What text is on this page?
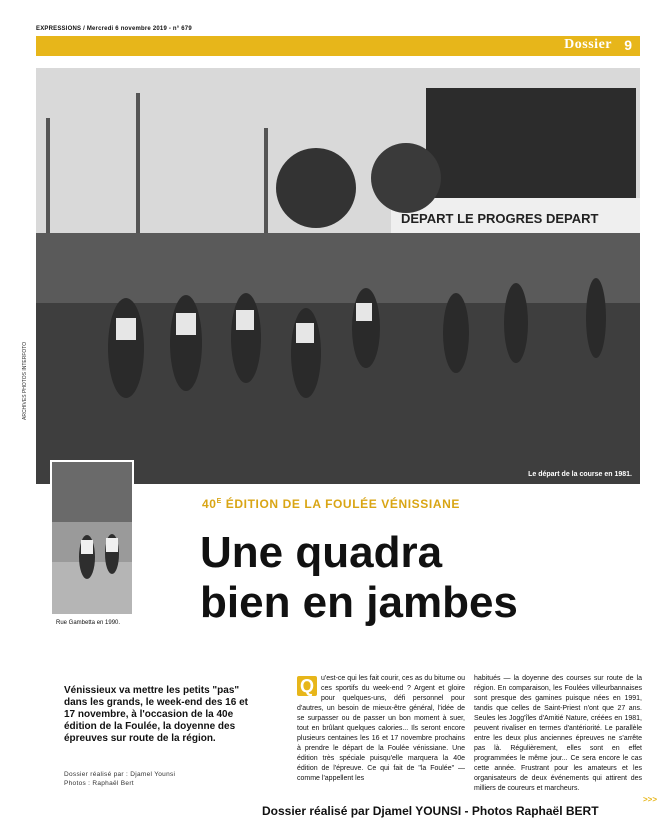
EXPRESSIONS / Mercredi 6 novembre 2019 - n° 679
Dossier 9
DEPART LE PROGRES DEPART
Le départ de la course en 1981.
ARCHIVES PHOTOS INTERFOTO
Rue Gambetta en 1990.
$40^E$ ÉDITION DE LA FOULÉE VÉNISSIANE
Une quadra
bien en jambes
Vénissieux va mettre les petits "pas" dans les grands, le week-end des 16 et 17 novembre, à l'occasion de la 40e édition de la Foulée, la doyenne des épreuves sur route de la région.
Dossier réalisé par : Djamel Younsi
Photos : Raphaël Bert
Q	u'est-ce qui les fait courir, ces as du bitume ou ces sportifs du week-end ? Argent et gloire pour quelques-uns, défi personnel pour d'autres, un besoin de mieux-être général, l'idée de se surpasser ou de passer un bon moment à suer, tout en brûlant quelques calories... Ils seront encore plusieurs centaines les 16 et 17 novembre prochains à prendre le départ de la Foulée vénissiane. Une édition très spéciale puisqu'elle marquera la 40e édition de l'épreuve. Ce qui fait de "la Foulée" — comme l'appellent les
habitués — la doyenne des courses sur route de la région. En comparaison, les Foulées villeurbannaises sont presque des gamines puisque nées en 1991, tandis que celles de Saint-Priest n'ont que 27 ans. Seules les Jogg'îles d'Amitié Nature, créées en 1981, peuvent rivaliser en termes d'antériorité. Le parallèle entre les deux plus anciennes épreuves ne s'arrête pas là. Régulièrement, elles sont en effet programmées le même jour... Ce sera encore le cas cette année. Frustrant pour les amateurs et les organisateurs de deux événements qui attirent des milliers de coureurs et marcheurs.
>>>
Dossier réalisé par Djamel YOUNSI - Photos Raphaël BERT
